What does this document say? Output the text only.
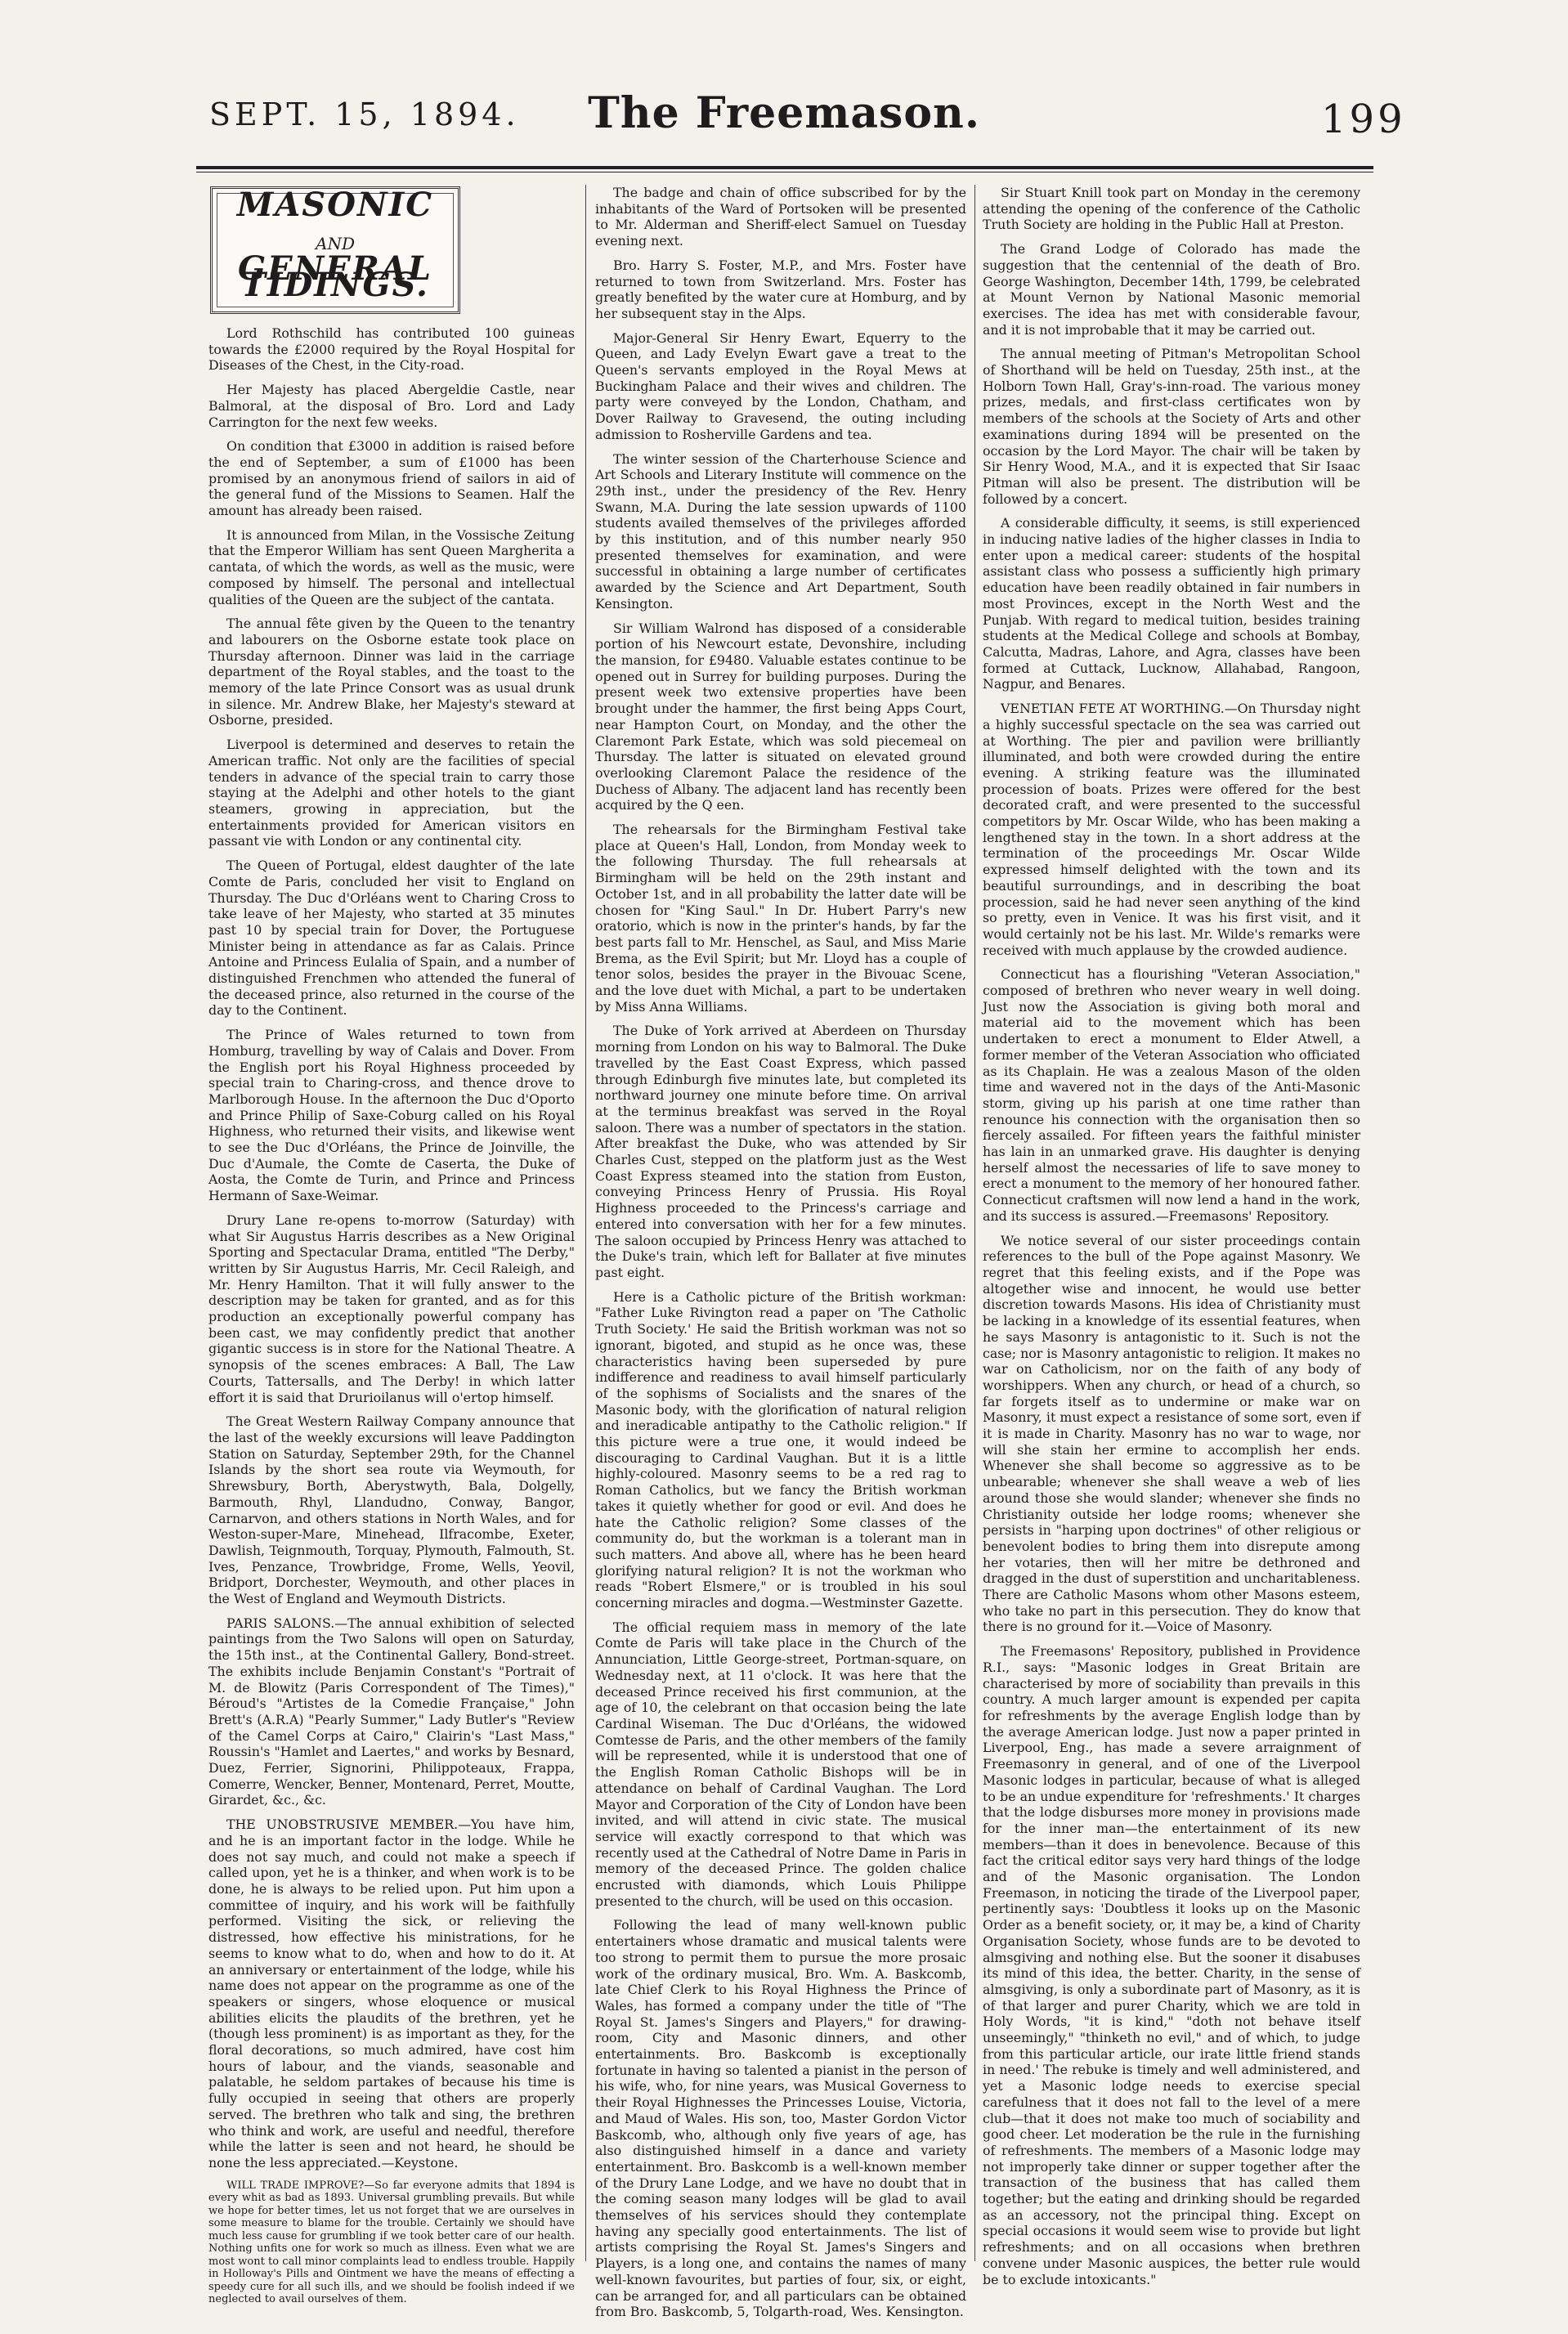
SEPT. 15, 1894.	The Freemason.	199
MASONIC
AND
GENERAL TIDINGS.

Lord Rothschild has contributed 100 guineas towards the £2000 required by the Royal Hospital for Diseases of the Chest, in the City-road.

Her Majesty has placed Abergeldie Castle, near Balmoral, at the disposal of Bro. Lord and Lady Carrington for the next few weeks.

On condition that £3000 in addition is raised before the end of September, a sum of £1000 has been promised by an anonymous friend of sailors in aid of the general fund of the Missions to Seamen. Half the amount has already been raised.

It is announced from Milan, in the Vossische Zeitung that the Emperor William has sent Queen Margherita a cantata, of which the words, as well as the music, were composed by himself. The personal and intellectual qualities of the Queen are the subject of the cantata.

The annual fête given by the Queen to the tenantry and labourers on the Osborne estate took place on Thursday afternoon. Dinner was laid in the carriage department of the Royal stables, and the toast to the memory of the late Prince Consort was as usual drunk in silence. Mr. Andrew Blake, her Majesty's steward at Osborne, presided.

Liverpool is determined and deserves to retain the American traffic. Not only are the facilities of special tenders in advance of the special train to carry those staying at the Adelphi and other hotels to the giant steamers, growing in appreciation, but the entertainments provided for American visitors en passant vie with London or any continental city.

The Queen of Portugal, eldest daughter of the late Comte de Paris, concluded her visit to England on Thursday. The Duc d'Orléans went to Charing Cross to take leave of her Majesty, who started at 35 minutes past 10 by special train for Dover, the Portuguese Minister being in attendance as far as Calais. Prince Antoine and Princess Eulalia of Spain, and a number of distinguished Frenchmen who attended the funeral of the deceased prince, also returned in the course of the day to the Continent.

The Prince of Wales returned to town from Homburg, travelling by way of Calais and Dover. From the English port his Royal Highness proceeded by special train to Charing-cross, and thence drove to Marlborough House. In the afternoon the Duc d'Oporto and Prince Philip of Saxe-Coburg called on his Royal Highness, who returned their visits, and likewise went to see the Duc d'Orléans, the Prince de Joinville, the Duc d'Aumale, the Comte de Caserta, the Duke of Aosta, the Comte de Turin, and Prince and Princess Hermann of Saxe-Weimar.

Drury Lane re-opens to-morrow (Saturday) with what Sir Augustus Harris describes as a New Original Sporting and Spectacular Drama, entitled "The Derby," written by Sir Augustus Harris, Mr. Cecil Raleigh, and Mr. Henry Hamilton. That it will fully answer to the description may be taken for granted, and as for this production an exceptionally powerful company has been cast, we may confidently predict that another gigantic success is in store for the National Theatre. A synopsis of the scenes embraces: A Ball, The Law Courts, Tattersalls, and The Derby! in which latter effort it is said that Drurioilanus will o'ertop himself.

The Great Western Railway Company announce that the last of the weekly excursions will leave Paddington Station on Saturday, September 29th, for the Channel Islands by the short sea route via Weymouth, for Shrewsbury, Borth, Aberystwyth, Bala, Dolgelly, Barmouth, Rhyl, Llandudno, Conway, Bangor, Carnarvon, and others stations in North Wales, and for Weston-super-Mare, Minehead, Ilfracombe, Exeter, Dawlish, Teignmouth, Torquay, Plymouth, Falmouth, St. Ives, Penzance, Trowbridge, Frome, Wells, Yeovil, Bridport, Dorchester, Weymouth, and other places in the West of England and Weymouth Districts.

PARIS SALONS.—The annual exhibition of selected paintings from the Two Salons will open on Saturday, the 15th inst., at the Continental Gallery, Bond-street. The exhibits include Benjamin Constant's "Portrait of M. de Blowitz (Paris Correspondent of The Times)," Béroud's "Artistes de la Comedie Française," John Brett's (A.R.A) "Pearly Summer," Lady Butler's "Review of the Camel Corps at Cairo," Clairin's "Last Mass," Roussin's "Hamlet and Laertes," and works by Besnard, Duez, Ferrier, Signorini, Philippoteaux, Frappa, Comerre, Wencker, Benner, Montenard, Perret, Moutte, Girardet, &c., &c.

THE UNOBSTRUSIVE MEMBER.—You have him, and he is an important factor in the lodge. While he does not say much, and could not make a speech if called upon, yet he is a thinker, and when work is to be done, he is always to be relied upon. Put him upon a committee of inquiry, and his work will be faithfully performed. Visiting the sick, or relieving the distressed, how effective his ministrations, for he seems to know what to do, when and how to do it. At an anniversary or entertainment of the lodge, while his name does not appear on the programme as one of the speakers or singers, whose eloquence or musical abilities elicits the plaudits of the brethren, yet he (though less prominent) is as important as they, for the floral decorations, so much admired, have cost him hours of labour, and the viands, seasonable and palatable, he seldom partakes of because his time is fully occupied in seeing that others are properly served. The brethren who talk and sing, the brethren who think and work, are useful and needful, therefore while the latter is seen and not heard, he should be none the less appreciated.—Keystone.

WILL TRADE IMPROVE?—So far everyone admits that 1894 is every whit as bad as 1893. Universal grumbling prevails. But while we hope for better times, let us not forget that we are ourselves in some measure to blame for the trouble. Certainly we should have much less cause for grumbling if we took better care of our health. Nothing unfits one for work so much as illness. Even what we are most wont to call minor complaints lead to endless trouble. Happily in Holloway's Pills and Ointment we have the means of effecting a speedy cure for all such ills, and we should be foolish indeed if we neglected to avail ourselves of them.

The badge and chain of office subscribed for by the inhabitants of the Ward of Portsoken will be presented to Mr. Alderman and Sheriff-elect Samuel on Tuesday evening next.

Bro. Harry S. Foster, M.P., and Mrs. Foster have returned to town from Switzerland. Mrs. Foster has greatly benefited by the water cure at Homburg, and by her subsequent stay in the Alps.

Major-General Sir Henry Ewart, Equerry to the Queen, and Lady Evelyn Ewart gave a treat to the Queen's servants employed in the Royal Mews at Buckingham Palace and their wives and children. The party were conveyed by the London, Chatham, and Dover Railway to Gravesend, the outing including admission to Rosherville Gardens and tea.

The winter session of the Charterhouse Science and Art Schools and Literary Institute will commence on the 29th inst., under the presidency of the Rev. Henry Swann, M.A. During the late session upwards of 1100 students availed themselves of the privileges afforded by this institution, and of this number nearly 950 presented themselves for examination, and were successful in obtaining a large number of certificates awarded by the Science and Art Department, South Kensington.

Sir William Walrond has disposed of a considerable portion of his Newcourt estate, Devonshire, including the mansion, for £9480. Valuable estates continue to be opened out in Surrey for building purposes. During the present week two extensive properties have been brought under the hammer, the first being Apps Court, near Hampton Court, on Monday, and the other the Claremont Park Estate, which was sold piecemeal on Thursday. The latter is situated on elevated ground overlooking Claremont Palace the residence of the Duchess of Albany. The adjacent land has recently been acquired by the Q een.

The rehearsals for the Birmingham Festival take place at Queen's Hall, London, from Monday week to the following Thursday. The full rehearsals at Birmingham will be held on the 29th instant and October 1st, and in all probability the latter date will be chosen for "King Saul." In Dr. Hubert Parry's new oratorio, which is now in the printer's hands, by far the best parts fall to Mr. Henschel, as Saul, and Miss Marie Brema, as the Evil Spirit; but Mr. Lloyd has a couple of tenor solos, besides the prayer in the Bivouac Scene, and the love duet with Michal, a part to be undertaken by Miss Anna Williams.

The Duke of York arrived at Aberdeen on Thursday morning from London on his way to Balmoral. The Duke travelled by the East Coast Express, which passed through Edinburgh five minutes late, but completed its northward journey one minute before time. On arrival at the terminus breakfast was served in the Royal saloon. There was a number of spectators in the station. After breakfast the Duke, who was attended by Sir Charles Cust, stepped on the platform just as the West Coast Express steamed into the station from Euston, conveying Princess Henry of Prussia. His Royal Highness proceeded to the Princess's carriage and entered into conversation with her for a few minutes. The saloon occupied by Princess Henry was attached to the Duke's train, which left for Ballater at five minutes past eight.

Here is a Catholic picture of the British workman: "Father Luke Rivington read a paper on 'The Catholic Truth Society.' He said the British workman was not so ignorant, bigoted, and stupid as he once was, these characteristics having been superseded by pure indifference and readiness to avail himself particularly of the sophisms of Socialists and the snares of the Masonic body, with the glorification of natural religion and ineradicable antipathy to the Catholic religion." If this picture were a true one, it would indeed be discouraging to Cardinal Vaughan. But it is a little highly-coloured. Masonry seems to be a red rag to Roman Catholics, but we fancy the British workman takes it quietly whether for good or evil. And does he hate the Catholic religion? Some classes of the community do, but the workman is a tolerant man in such matters. And above all, where has he been heard glorifying natural religion? It is not the workman who reads "Robert Elsmere," or is troubled in his soul concerning miracles and dogma.—Westminster Gazette.

The official requiem mass in memory of the late Comte de Paris will take place in the Church of the Annunciation, Little George-street, Portman-square, on Wednesday next, at 11 o'clock. It was here that the deceased Prince received his first communion, at the age of 10, the celebrant on that occasion being the late Cardinal Wiseman. The Duc d'Orléans, the widowed Comtesse de Paris, and the other members of the family will be represented, while it is understood that one of the English Roman Catholic Bishops will be in attendance on behalf of Cardinal Vaughan. The Lord Mayor and Corporation of the City of London have been invited, and will attend in civic state. The musical service will exactly correspond to that which was recently used at the Cathedral of Notre Dame in Paris in memory of the deceased Prince. The golden chalice encrusted with diamonds, which Louis Philippe presented to the church, will be used on this occasion.

Following the lead of many well-known public entertainers whose dramatic and musical talents were too strong to permit them to pursue the more prosaic work of the ordinary musical, Bro. Wm. A. Baskcomb, late Chief Clerk to his Royal Highness the Prince of Wales, has formed a company under the title of "The Royal St. James's Singers and Players," for drawing-room, City and Masonic dinners, and other entertainments. Bro. Baskcomb is exceptionally fortunate in having so talented a pianist in the person of his wife, who, for nine years, was Musical Governess to their Royal Highnesses the Princesses Louise, Victoria, and Maud of Wales. His son, too, Master Gordon Victor Baskcomb, who, although only five years of age, has also distinguished himself in a dance and variety entertainment. Bro. Baskcomb is a well-known member of the Drury Lane Lodge, and we have no doubt that in the coming season many lodges will be glad to avail themselves of his services should they contemplate having any specially good entertainments. The list of artists comprising the Royal St. James's Singers and Players, is a long one, and contains the names of many well-known favourites, but parties of four, six, or eight, can be arranged for, and all particulars can be obtained from Bro. Baskcomb, 5, Tolgarth-road, Wes. Kensington.

Sir Stuart Knill took part on Monday in the ceremony attending the opening of the conference of the Catholic Truth Society are holding in the Public Hall at Preston.

The Grand Lodge of Colorado has made the suggestion that the centennial of the death of Bro. George Washington, December 14th, 1799, be celebrated at Mount Vernon by National Masonic memorial exercises. The idea has met with considerable favour, and it is not improbable that it may be carried out.

The annual meeting of Pitman's Metropolitan School of Shorthand will be held on Tuesday, 25th inst., at the Holborn Town Hall, Gray's-inn-road. The various money prizes, medals, and first-class certificates won by members of the schools at the Society of Arts and other examinations during 1894 will be presented on the occasion by the Lord Mayor. The chair will be taken by Sir Henry Wood, M.A., and it is expected that Sir Isaac Pitman will also be present. The distribution will be followed by a concert.

A considerable difficulty, it seems, is still experienced in inducing native ladies of the higher classes in India to enter upon a medical career: students of the hospital assistant class who possess a sufficiently high primary education have been readily obtained in fair numbers in most Provinces, except in the North West and the Punjab. With regard to medical tuition, besides training students at the Medical College and schools at Bombay, Calcutta, Madras, Lahore, and Agra, classes have been formed at Cuttack, Lucknow, Allahabad, Rangoon, Nagpur, and Benares.

VENETIAN FETE AT WORTHING.—On Thursday night a highly successful spectacle on the sea was carried out at Worthing. The pier and pavilion were brilliantly illuminated, and both were crowded during the entire evening. A striking feature was the illuminated procession of boats. Prizes were offered for the best decorated craft, and were presented to the successful competitors by Mr. Oscar Wilde, who has been making a lengthened stay in the town. In a short address at the termination of the proceedings Mr. Oscar Wilde expressed himself delighted with the town and its beautiful surroundings, and in describing the boat procession, said he had never seen anything of the kind so pretty, even in Venice. It was his first visit, and it would certainly not be his last. Mr. Wilde's remarks were received with much applause by the crowded audience.

Connecticut has a flourishing "Veteran Association," composed of brethren who never weary in well doing. Just now the Association is giving both moral and material aid to the movement which has been undertaken to erect a monument to Elder Atwell, a former member of the Veteran Association who officiated as its Chaplain. He was a zealous Mason of the olden time and wavered not in the days of the Anti-Masonic storm, giving up his parish at one time rather than renounce his connection with the organisation then so fiercely assailed. For fifteen years the faithful minister has lain in an unmarked grave. His daughter is denying herself almost the necessaries of life to save money to erect a monument to the memory of her honoured father. Connecticut craftsmen will now lend a hand in the work, and its success is assured.—Freemasons' Repository.

We notice several of our sister proceedings contain references to the bull of the Pope against Masonry. We regret that this feeling exists, and if the Pope was altogether wise and innocent, he would use better discretion towards Masons. His idea of Christianity must be lacking in a knowledge of its essential features, when he says Masonry is antagonistic to it. Such is not the case; nor is Masonry antagonistic to religion. It makes no war on Catholicism, nor on the faith of any body of worshippers. When any church, or head of a church, so far forgets itself as to undermine or make war on Masonry, it must expect a resistance of some sort, even if it is made in Charity. Masonry has no war to wage, nor will she stain her ermine to accomplish her ends. Whenever she shall become so aggressive as to be unbearable; whenever she shall weave a web of lies around those she would slander; whenever she finds no Christianity outside her lodge rooms; whenever she persists in "harping upon doctrines" of other religious or benevolent bodies to bring them into disrepute among her votaries, then will her mitre be dethroned and dragged in the dust of superstition and uncharitableness. There are Catholic Masons whom other Masons esteem, who take no part in this persecution. They do know that there is no ground for it.—Voice of Masonry.

The Freemasons' Repository, published in Providence R.I., says: "Masonic lodges in Great Britain are characterised by more of sociability than prevails in this country. A much larger amount is expended per capita for refreshments by the average English lodge than by the average American lodge. Just now a paper printed in Liverpool, Eng., has made a severe arraignment of Freemasonry in general, and of one of the Liverpool Masonic lodges in particular, because of what is alleged to be an undue expenditure for 'refreshments.' It charges that the lodge disburses more money in provisions made for the inner man—the entertainment of its new members—than it does in benevolence. Because of this fact the critical editor says very hard things of the lodge and of the Masonic organisation. The London Freemason, in noticing the tirade of the Liverpool paper, pertinently says: 'Doubtless it looks up on the Masonic Order as a benefit society, or, it may be, a kind of Charity Organisation Society, whose funds are to be devoted to almsgiving and nothing else. But the sooner it disabuses its mind of this idea, the better. Charity, in the sense of almsgiving, is only a subordinate part of Masonry, as it is of that larger and purer Charity, which we are told in Holy Words, "it is kind," "doth not behave itself unseemingly," "thinketh no evil," and of which, to judge from this particular article, our irate little friend stands in need.' The rebuke is timely and well administered, and yet a Masonic lodge needs to exercise special carefulness that it does not fall to the level of a mere club—that it does not make too much of sociability and good cheer. Let moderation be the rule in the furnishing of refreshments. The members of a Masonic lodge may not improperly take dinner or supper together after the transaction of the business that has called them together; but the eating and drinking should be regarded as an accessory, not the principal thing. Except on special occasions it would seem wise to provide but light refreshments; and on all occasions when brethren convene under Masonic auspices, the better rule would be to exclude intoxicants."
